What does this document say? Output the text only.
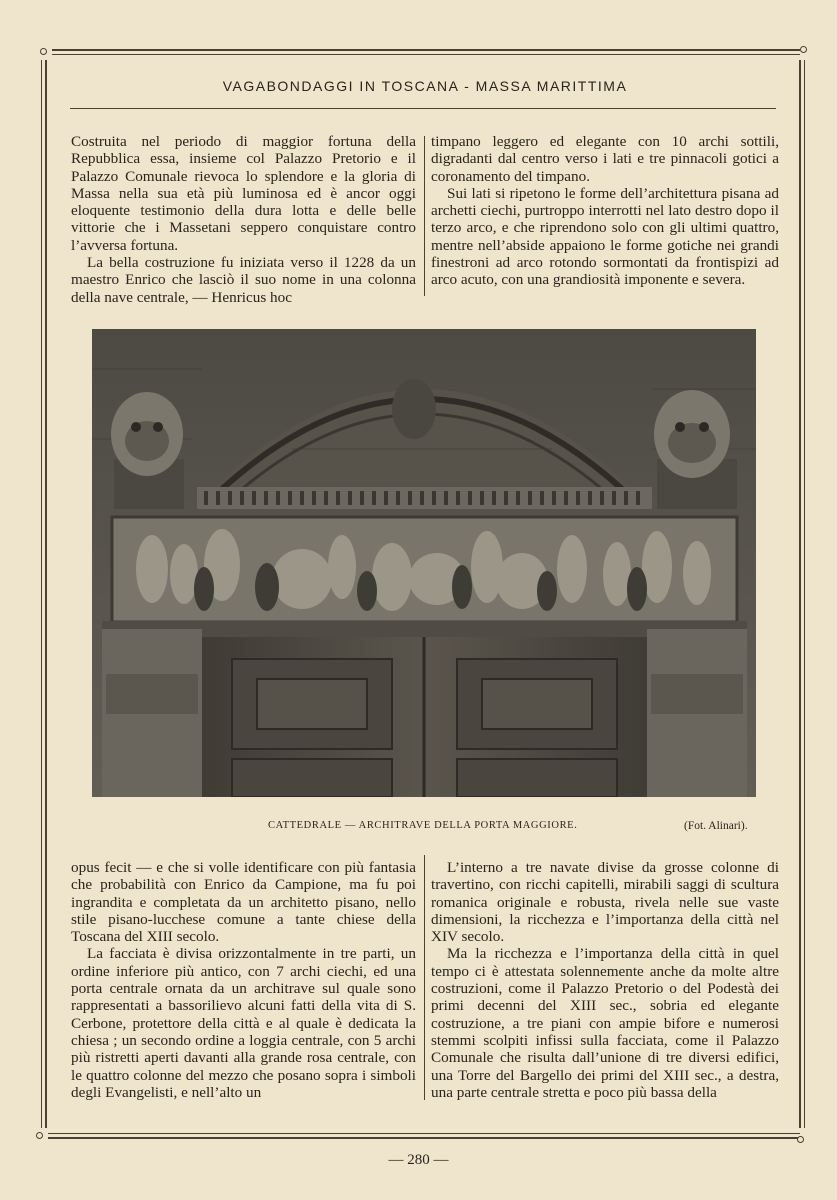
VAGABONDAGGI IN TOSCANA - MASSA MARITTIMA

Costruita nel periodo di maggior fortuna della Repubblica essa, insieme col Palazzo Pretorio e il Palazzo Comunale rievoca lo splendore e la gloria di Massa nella sua età più luminosa ed è ancor oggi eloquente testimonio della dura lotta e delle belle vittorie che i Massetani seppero conquistare contro l’avversa fortuna.

La bella costruzione fu iniziata verso il 1228 da un maestro Enrico che lasciò il suo nome in una colonna della nave centrale, — Henricus hoc

timpano leggero ed elegante con 10 archi sottili, digradanti dal centro verso i lati e tre pinnacoli gotici a coronamento del timpano.

Sui lati si ripetono le forme dell’architettura pisana ad archetti ciechi, purtroppo interrotti nel lato destro dopo il terzo arco, e che riprendono solo con gli ultimi quattro, mentre nell’abside appaiono le forme gotiche nei grandi finestroni ad arco rotondo sormontati da frontispizi ad arco acuto, con una grandiosità imponente e severa.

CATTEDRALE — ARCHITRAVE DELLA PORTA MAGGIORE.	(Fot. Alinari).

opus fecit — e che si volle identificare con più fantasia che probabilità con Enrico da Campione, ma fu poi ingrandita e completata da un architetto pisano, nello stile pisano-lucchese comune a tante chiese della Toscana del XIII secolo.

La facciata è divisa orizzontalmente in tre parti, un ordine inferiore più antico, con 7 archi ciechi, ed una porta centrale ornata da un architrave sul quale sono rappresentati a bassorilievo alcuni fatti della vita di S. Cerbone, protettore della città e al quale è dedicata la chiesa ; un secondo ordine a loggia centrale, con 5 archi più ristretti aperti davanti alla grande rosa centrale, con le quattro colonne del mezzo che posano sopra i simboli degli Evangelisti, e nell’alto un

L’interno a tre navate divise da grosse colonne di travertino, con ricchi capitelli, mirabili saggi di scultura romanica originale e robusta, rivela nelle sue vaste dimensioni, la ricchezza e l’importanza della città nel XIV secolo.

Ma la ricchezza e l’importanza della città in quel tempo ci è attestata solennemente anche da molte altre costruzioni, come il Palazzo Pretorio o del Podestà dei primi decenni del XIII sec., sobria ed elegante costruzione, a tre piani con ampie bifore e numerosi stemmi scolpiti infissi sulla facciata, come il Palazzo Comunale che risulta dall’unione di tre diversi edifici, una Torre del Bargello dei primi del XIII sec., a destra, una parte centrale stretta e poco più bassa della

— 280 —
